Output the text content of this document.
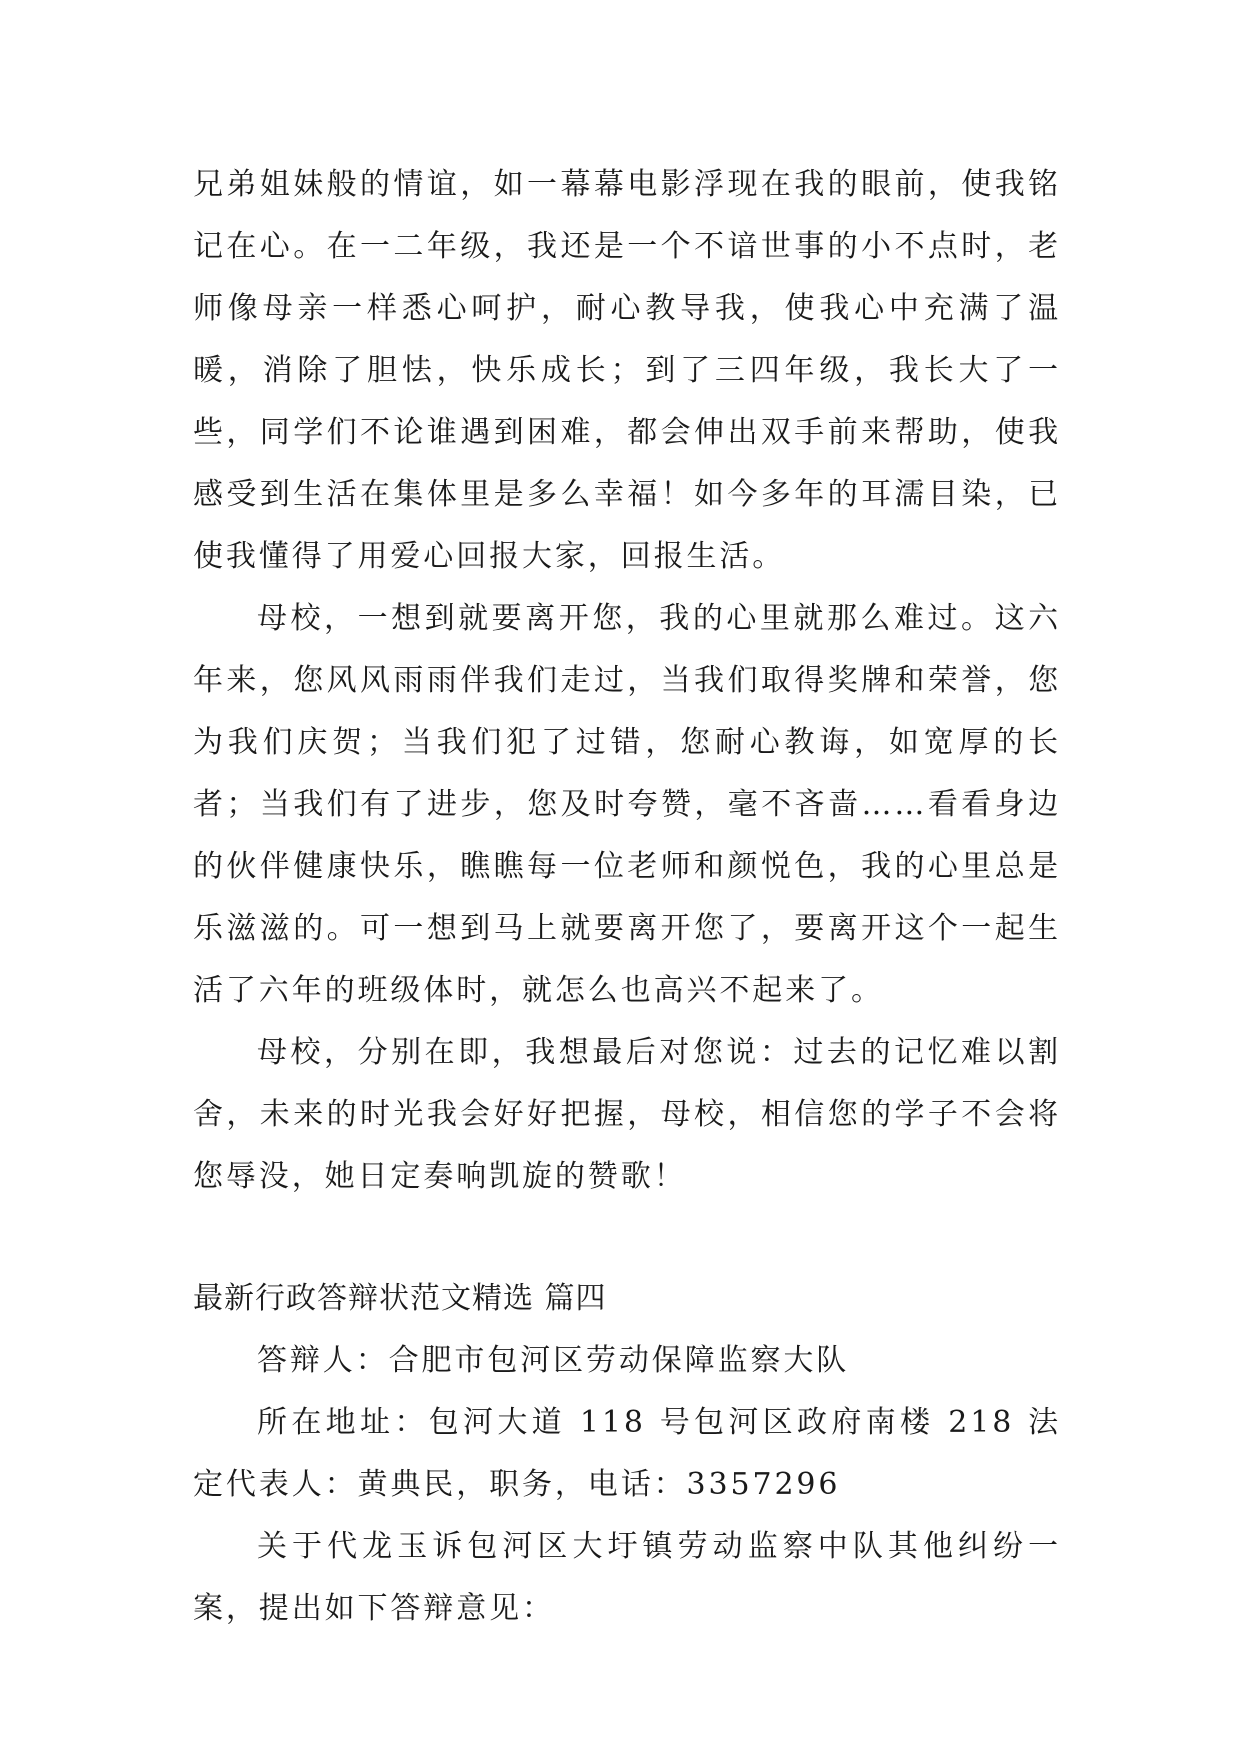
兄弟姐妹般的情谊，如一幕幕电影浮现在我的眼前，使我铭记在心。在一二年级，我还是一个不谙世事的小不点时，老师像母亲一样悉心呵护，耐心教导我，使我心中充满了温暖，消除了胆怯，快乐成长；到了三四年级，我长大了一些，同学们不论谁遇到困难，都会伸出双手前来帮助，使我感受到生活在集体里是多么幸福！如今多年的耳濡目染，已使我懂得了用爱心回报大家，回报生活。

母校，一想到就要离开您，我的心里就那么难过。这六年来，您风风雨雨伴我们走过，当我们取得奖牌和荣誉，您为我们庆贺；当我们犯了过错，您耐心教诲，如宽厚的长者；当我们有了进步，您及时夸赞，毫不吝啬……看看身边的伙伴健康快乐，瞧瞧每一位老师和颜悦色，我的心里总是乐滋滋的。可一想到马上就要离开您了，要离开这个一起生活了六年的班级体时，就怎么也高兴不起来了。

母校，分别在即，我想最后对您说：过去的记忆难以割舍，未来的时光我会好好把握，母校，相信您的学子不会将您辱没，她日定奏响凯旋的赞歌！

最新行政答辩状范文精选 篇四

答辩人：合肥市包河区劳动保障监察大队

所在地址：包河大道 118 号包河区政府南楼 218 法定代表人：黄典民，职务，电话：3357296

关于代龙玉诉包河区大圩镇劳动监察中队其他纠纷一案，提出如下答辩意见：
